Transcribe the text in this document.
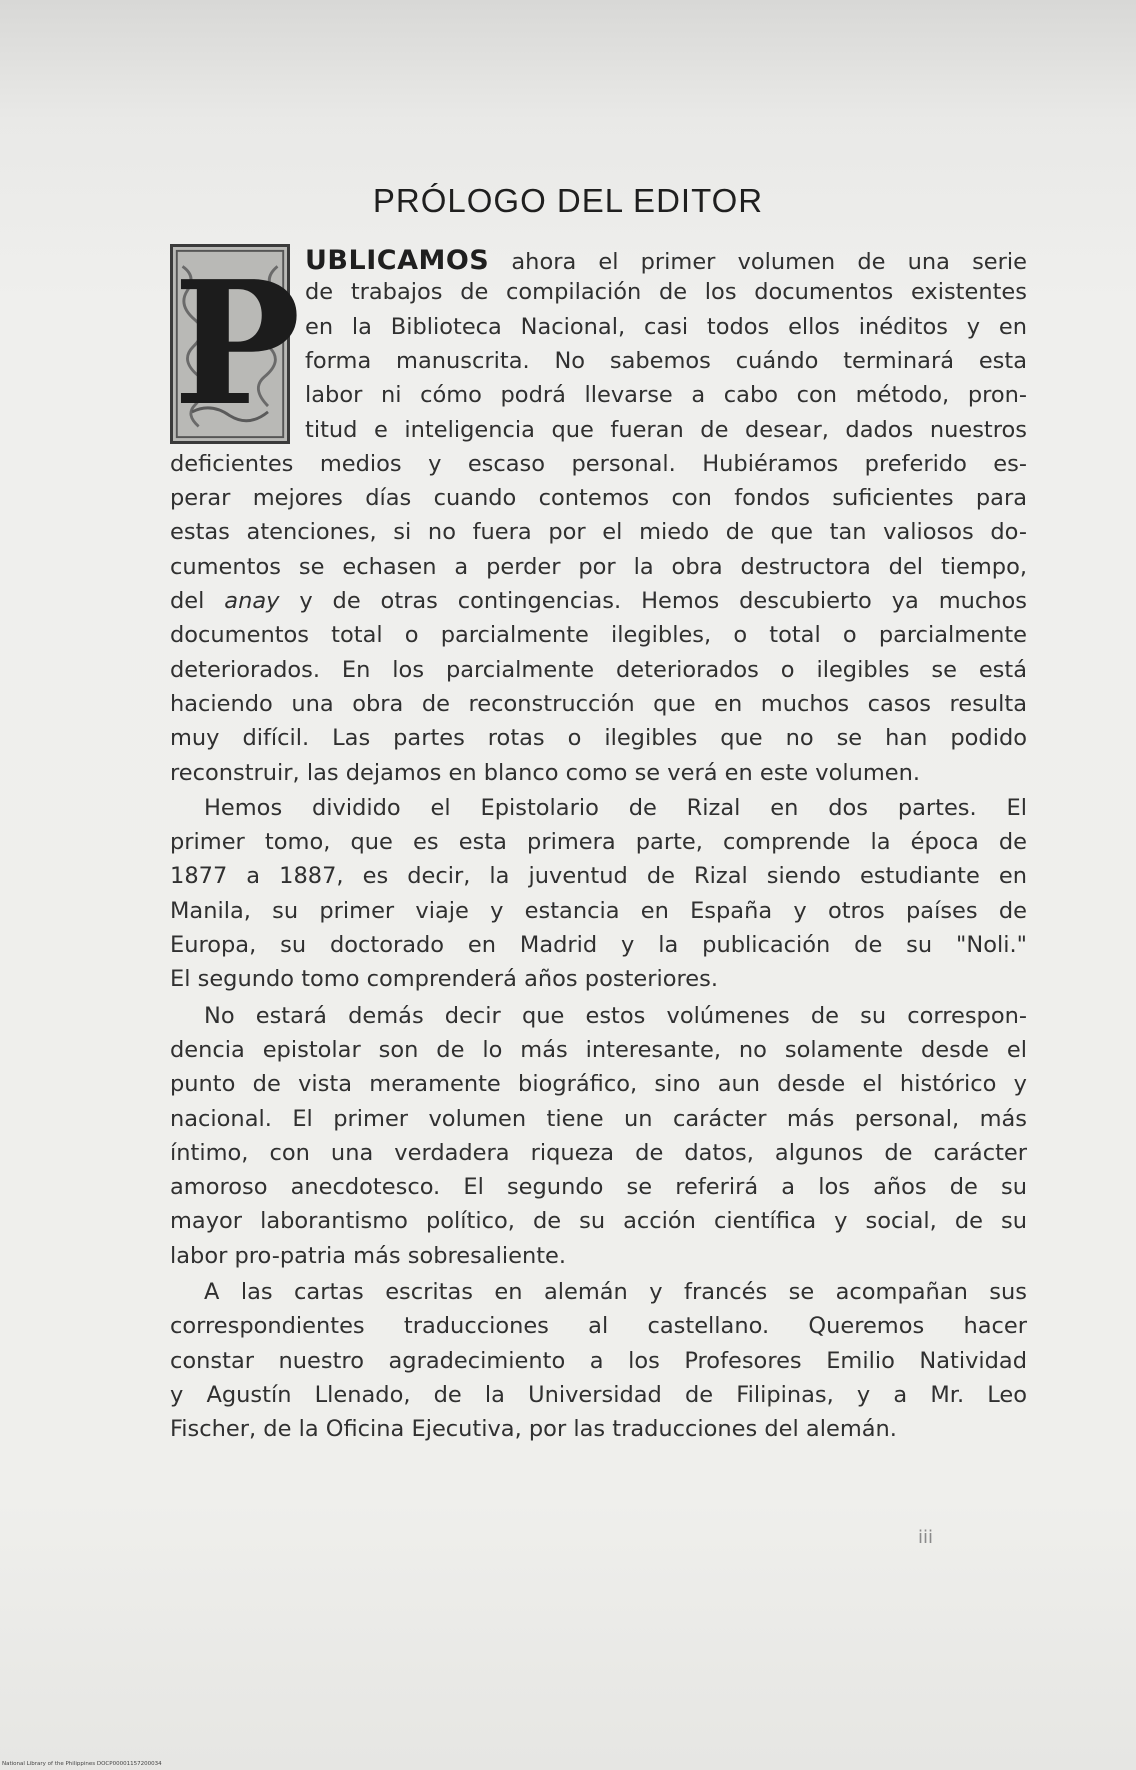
PRÓLOGO DEL EDITOR
P UBLICAMOS ahora el primer volumen de una serie
de trabajos de compilación de los documentos existentes
en la Biblioteca Nacional, casi todos ellos inéditos y en
forma manuscrita. No sabemos cuándo terminará esta
labor ni cómo podrá llevarse a cabo con método, pron-
titud e inteligencia que fueran de desear, dados nuestros
deficientes medios y escaso personal. Hubiéramos preferido es-
perar mejores días cuando contemos con fondos suficientes para
estas atenciones, si no fuera por el miedo de que tan valiosos do-
cumentos se echasen a perder por la obra destructora del tiempo,
del anay y de otras contingencias. Hemos descubierto ya muchos
documentos total o parcialmente ilegibles, o total o parcialmente
deteriorados. En los parcialmente deteriorados o ilegibles se está
haciendo una obra de reconstrucción que en muchos casos resulta
muy difícil. Las partes rotas o ilegibles que no se han podido
reconstruir, las dejamos en blanco como se verá en este volumen.
Hemos dividido el Epistolario de Rizal en dos partes. El
primer tomo, que es esta primera parte, comprende la época de
1877 a 1887, es decir, la juventud de Rizal siendo estudiante en
Manila, su primer viaje y estancia en España y otros países de
Europa, su doctorado en Madrid y la publicación de su "Noli."
El segundo tomo comprenderá años posteriores.
No estará demás decir que estos volúmenes de su correspon-
dencia epistolar son de lo más interesante, no solamente desde el
punto de vista meramente biográfico, sino aun desde el histórico y
nacional. El primer volumen tiene un carácter más personal, más
íntimo, con una verdadera riqueza de datos, algunos de carácter
amoroso anecdotesco. El segundo se referirá a los años de su
mayor laborantismo político, de su acción científica y social, de su
labor pro-patria más sobresaliente.
A las cartas escritas en alemán y francés se acompañan sus
correspondientes traducciones al castellano. Queremos hacer
constar nuestro agradecimiento a los Profesores Emilio Natividad
y Agustín Llenado, de la Universidad de Filipinas, y a Mr. Leo
Fischer, de la Oficina Ejecutiva, por las traducciones del alemán.
iii
National Library of the Philippines DOCP00001157200034
